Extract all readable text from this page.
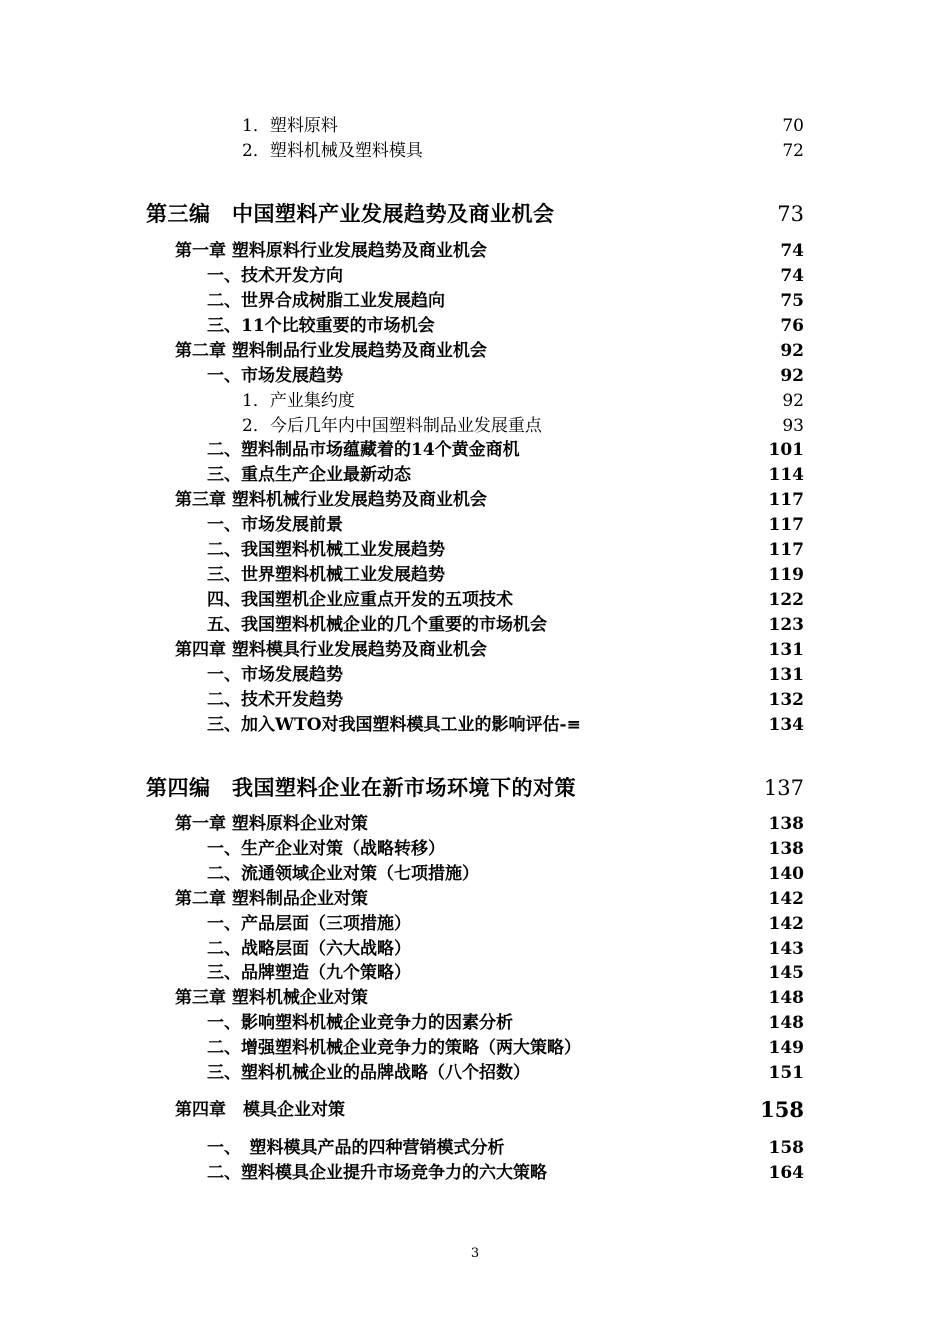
1．塑料原料	70
2．塑料机械及塑料模具	72
第三编　中国塑料产业发展趋势及商业机会	73
第一章 塑料原料行业发展趋势及商业机会	74
一、技术开发方向	74
二、世界合成树脂工业发展趋向	75
三、11个比较重要的市场机会	76
第二章 塑料制品行业发展趋势及商业机会	92
一、市场发展趋势	92
1．产业集约度	92
2．今后几年内中国塑料制品业发展重点	93
二、塑料制品市场蕴藏着的14个黄金商机	101
三、重点生产企业最新动态	114
第三章 塑料机械行业发展趋势及商业机会	117
一、市场发展前景	117
二、我国塑料机械工业发展趋势	117
三、世界塑料机械工业发展趋势	119
四、我国塑机企业应重点开发的五项技术	122
五、我国塑料机械企业的几个重要的市场机会	123
第四章 塑料模具行业发展趋势及商业机会	131
一、市场发展趋势	131
二、技术开发趋势	132
三、加入WTO对我国塑料模具工业的影响评估-≡	134
第四编　我国塑料企业在新市场环境下的对策	137
第一章 塑料原料企业对策	138
一、生产企业对策（战略转移）	138
二、流通领域企业对策（七项措施）	140
第二章 塑料制品企业对策	142
一、产品层面（三项措施）	142
二、战略层面（六大战略）	143
三、品牌塑造（九个策略）	145
第三章 塑料机械企业对策	148
一、影响塑料机械企业竞争力的因素分析	148
二、增强塑料机械企业竞争力的策略（两大策略）	149
三、塑料机械企业的品牌战略（八个招数）	151
第四章　模具企业对策	158
一、　塑料模具产品的四种营销模式分析	158
二、塑料模具企业提升市场竞争力的六大策略	164
3
